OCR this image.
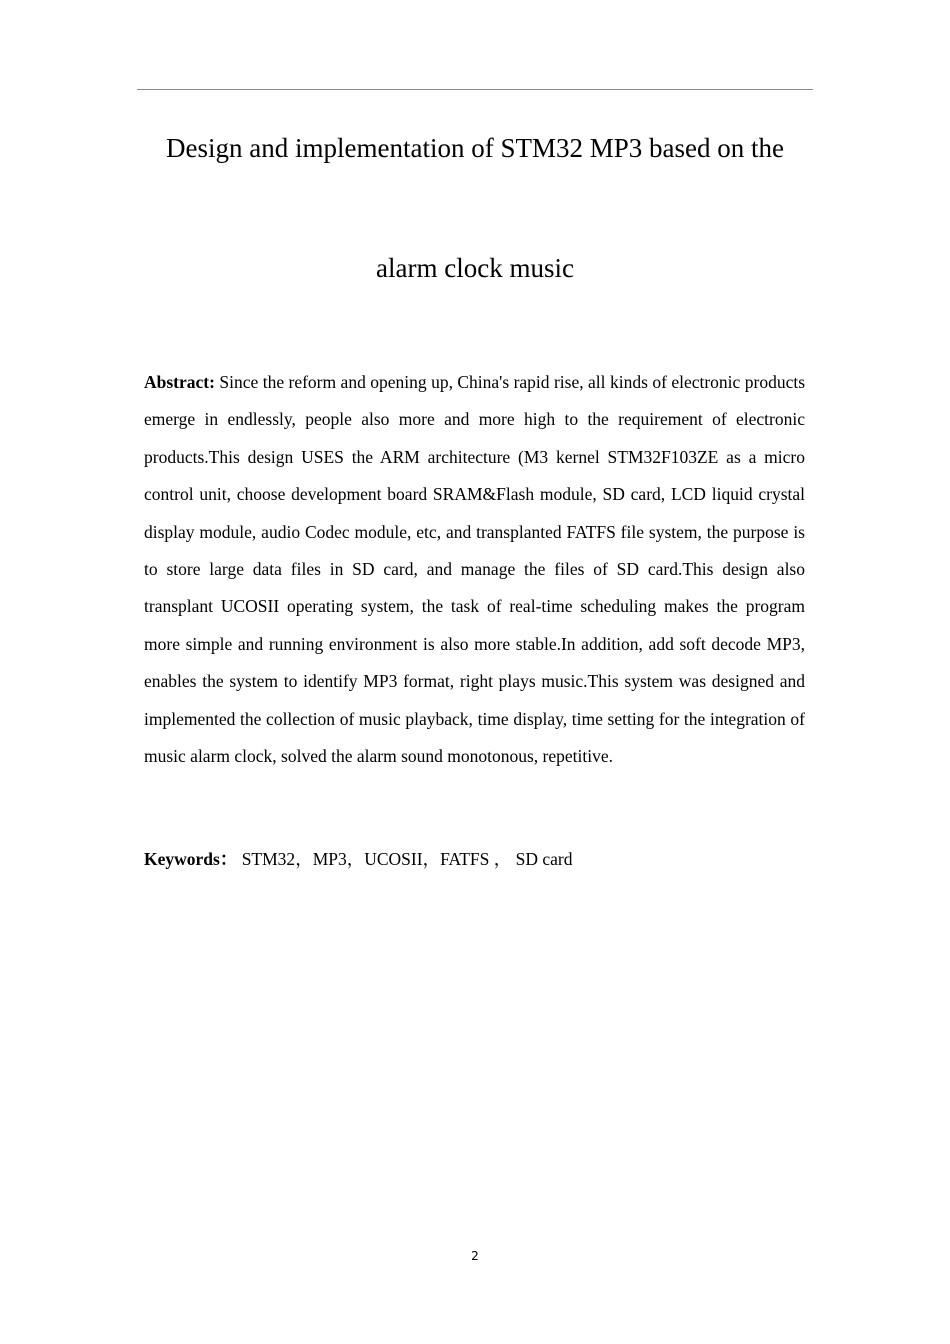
Design and implementation of STM32 MP3 based on the
alarm clock music

Abstract: Since the reform and opening up, China's rapid rise, all kinds of electronic products emerge in endlessly, people also more and more high to the requirement of electronic products.This design USES the ARM architecture (M3 kernel STM32F103ZE as a micro control unit, choose development board SRAM&Flash module, SD card, LCD liquid crystal display module, audio Codec module, etc, and transplanted FATFS file system, the purpose is to store large data files in SD card, and manage the files of SD card.This design also transplant UCOSII operating system, the task of real-time scheduling makes the program more simple and running environment is also more stable.In addition, add soft decode MP3, enables the system to identify MP3 format, right plays music.This system was designed and implemented the collection of music playback, time display, time setting for the integration of music alarm clock, solved the alarm sound monotonous, repetitive.

Keywords： STM32，MP3，UCOSII，FATFS ， SD card

2
